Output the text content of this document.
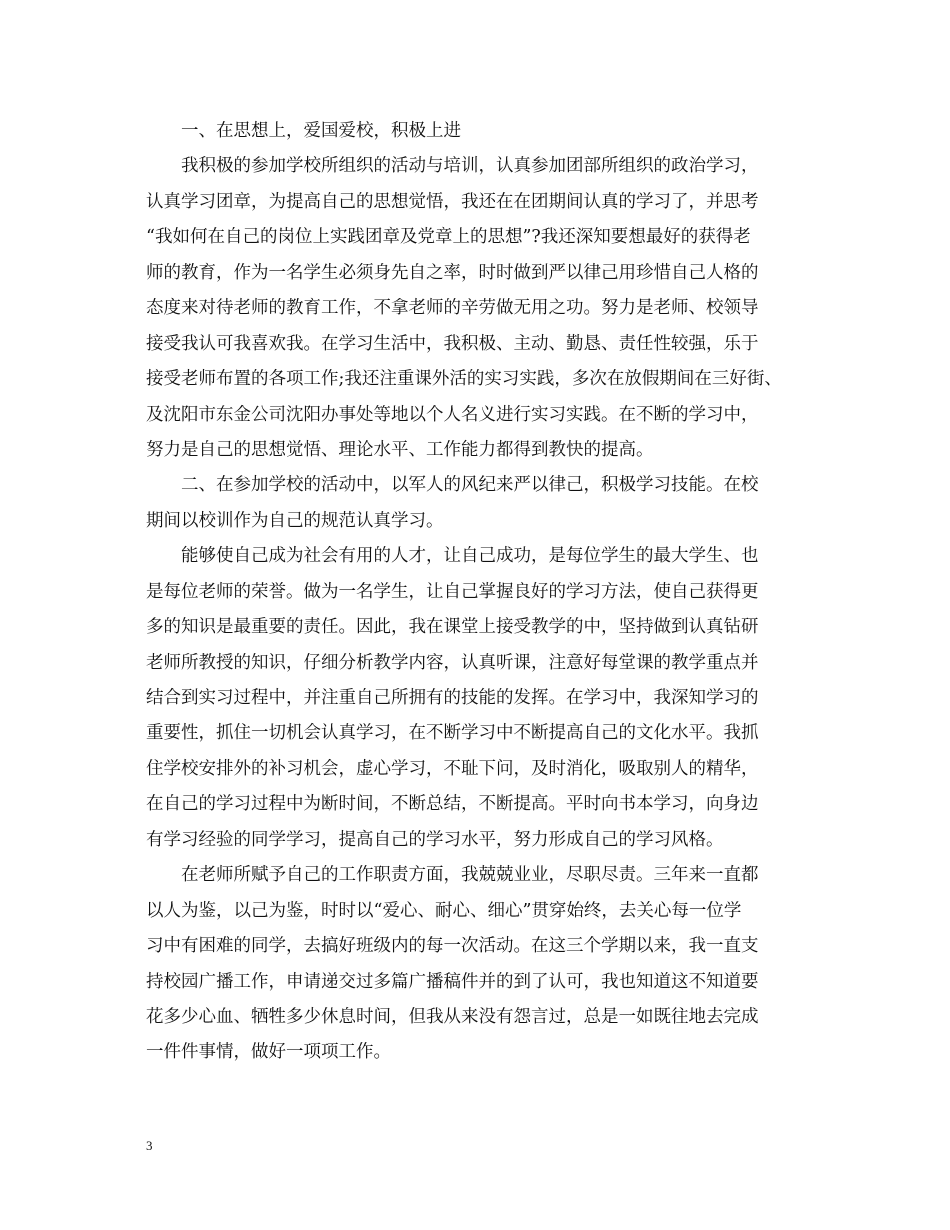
一、在思想上，爱国爱校，积极上进
我积极的参加学校所组织的活动与培训，认真参加团部所组织的政治学习，
认真学习团章，为提高自己的思想觉悟，我还在在团期间认真的学习了，并思考
“我如何在自己的岗位上实践团章及党章上的思想”?我还深知要想最好的获得老
师的教育，作为一名学生必须身先自之率，时时做到严以律己用珍惜自己人格的
态度来对待老师的教育工作，不拿老师的辛劳做无用之功。努力是老师、校领导
接受我认可我喜欢我。在学习生活中，我积极、主动、勤恳、责任性较强，乐于
接受老师布置的各项工作;我还注重课外活的实习实践，多次在放假期间在三好街、
及沈阳市东金公司沈阳办事处等地以个人名义进行实习实践。在不断的学习中，
努力是自己的思想觉悟、理论水平、工作能力都得到教快的提高。
二、在参加学校的活动中，以军人的风纪来严以律己，积极学习技能。在校
期间以校训作为自己的规范认真学习。
能够使自己成为社会有用的人才，让自己成功，是每位学生的最大学生、也
是每位老师的荣誉。做为一名学生，让自己掌握良好的学习方法，使自己获得更
多的知识是最重要的责任。因此，我在课堂上接受教学的中，坚持做到认真钻研
老师所教授的知识，仔细分析教学内容，认真听课，注意好每堂课的教学重点并
结合到实习过程中，并注重自己所拥有的技能的发挥。在学习中，我深知学习的
重要性，抓住一切机会认真学习，在不断学习中不断提高自己的文化水平。我抓
住学校安排外的补习机会，虚心学习，不耻下问，及时消化，吸取别人的精华，
在自己的学习过程中为断时间，不断总结，不断提高。平时向书本学习，向身边
有学习经验的同学学习，提高自己的学习水平，努力形成自己的学习风格。
在老师所赋予自己的工作职责方面，我兢兢业业，尽职尽责。三年来一直都
以人为鉴，以己为鉴，时时以“爱心、耐心、细心”贯穿始终，去关心每一位学
习中有困难的同学，去搞好班级内的每一次活动。在这三个学期以来，我一直支
持校园广播工作，申请递交过多篇广播稿件并的到了认可，我也知道这不知道要
花多少心血、牺牲多少休息时间，但我从来没有怨言过，总是一如既往地去完成
一件件事情，做好一项项工作。
3
